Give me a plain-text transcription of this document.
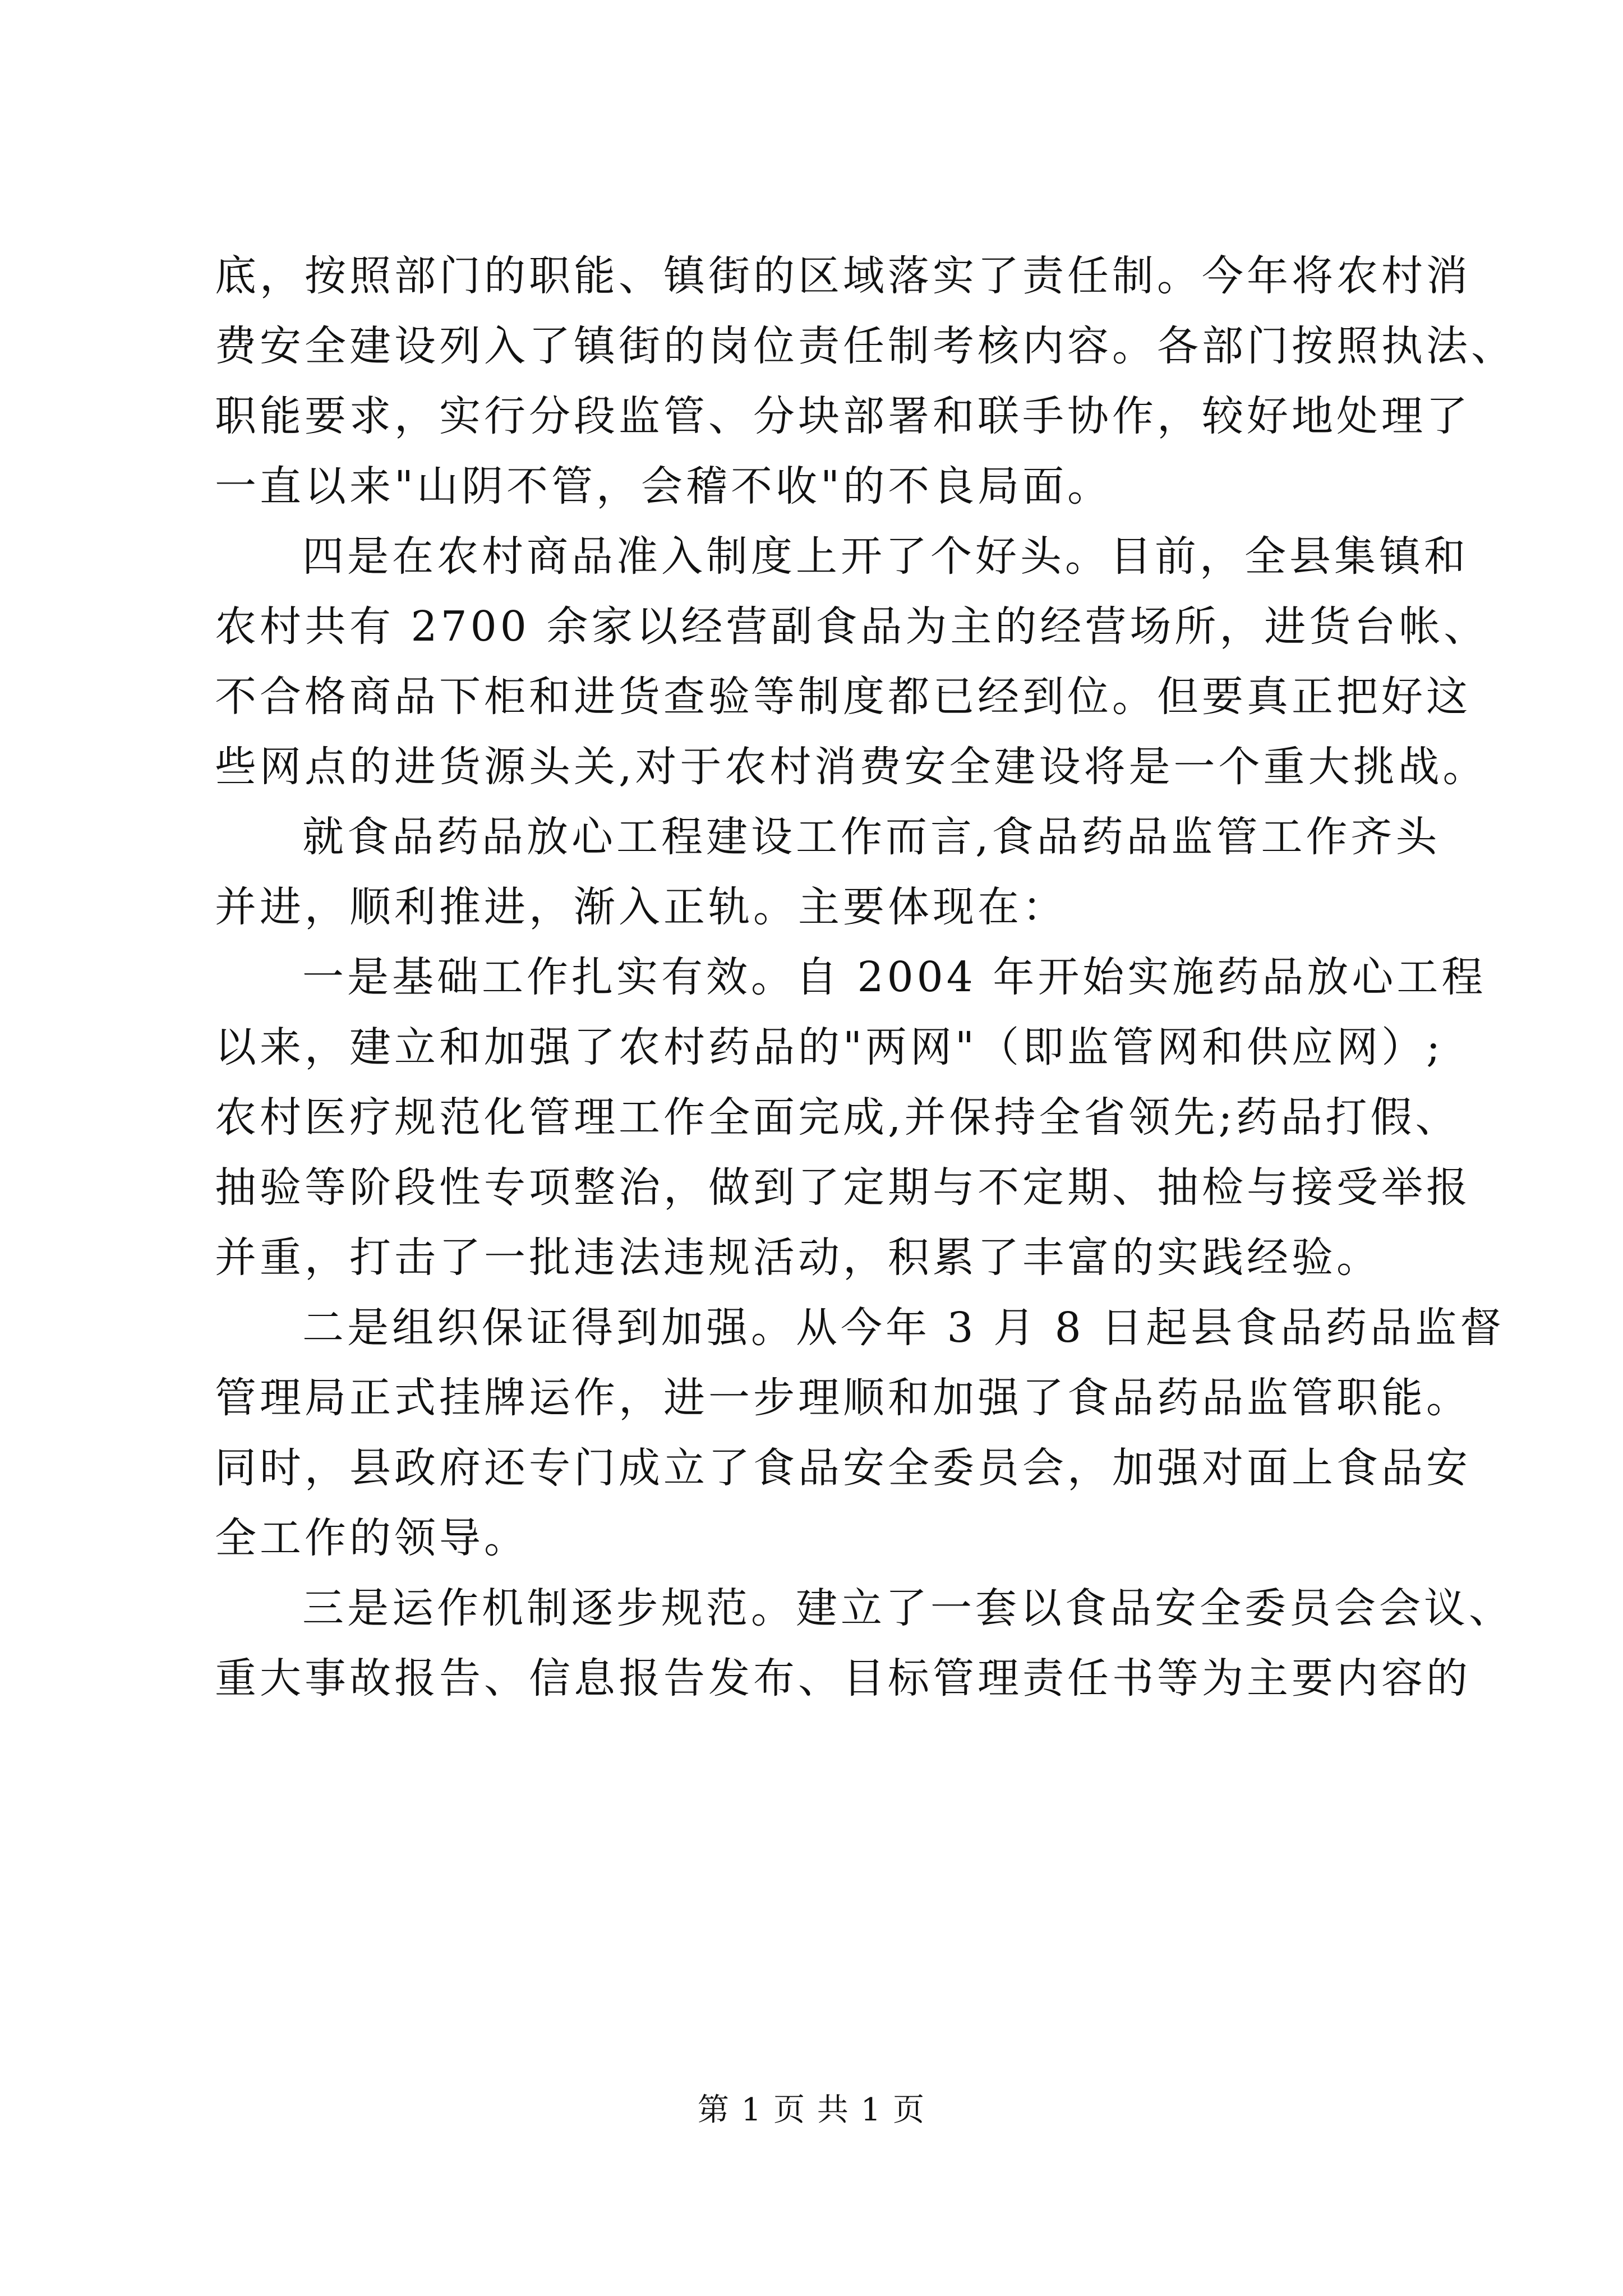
底，按照部门的职能、镇街的区域落实了责任制。今年将农村消
费安全建设列入了镇街的岗位责任制考核内容。各部门按照执法、
职能要求，实行分段监管、分块部署和联手协作，较好地处理了
一直以来"山阴不管，会稽不收"的不良局面。

四是在农村商品准入制度上开了个好头。目前，全县集镇和
农村共有 2700 余家以经营副食品为主的经营场所，进货台帐、
不合格商品下柜和进货查验等制度都已经到位。但要真正把好这
些网点的进货源头关,对于农村消费安全建设将是一个重大挑战。

就食品药品放心工程建设工作而言,食品药品监管工作齐头
并进，顺利推进，渐入正轨。主要体现在：

一是基础工作扎实有效。自 2004 年开始实施药品放心工程
以来，建立和加强了农村药品的"两网"（即监管网和供应网）;
农村医疗规范化管理工作全面完成,并保持全省领先;药品打假、
抽验等阶段性专项整治，做到了定期与不定期、抽检与接受举报
并重，打击了一批违法违规活动，积累了丰富的实践经验。

二是组织保证得到加强。从今年 3 月 8 日起县食品药品监督
管理局正式挂牌运作，进一步理顺和加强了食品药品监管职能。
同时，县政府还专门成立了食品安全委员会，加强对面上食品安
全工作的领导。

三是运作机制逐步规范。建立了一套以食品安全委员会会议、
重大事故报告、信息报告发布、目标管理责任书等为主要内容的

第 1 页 共 1 页
